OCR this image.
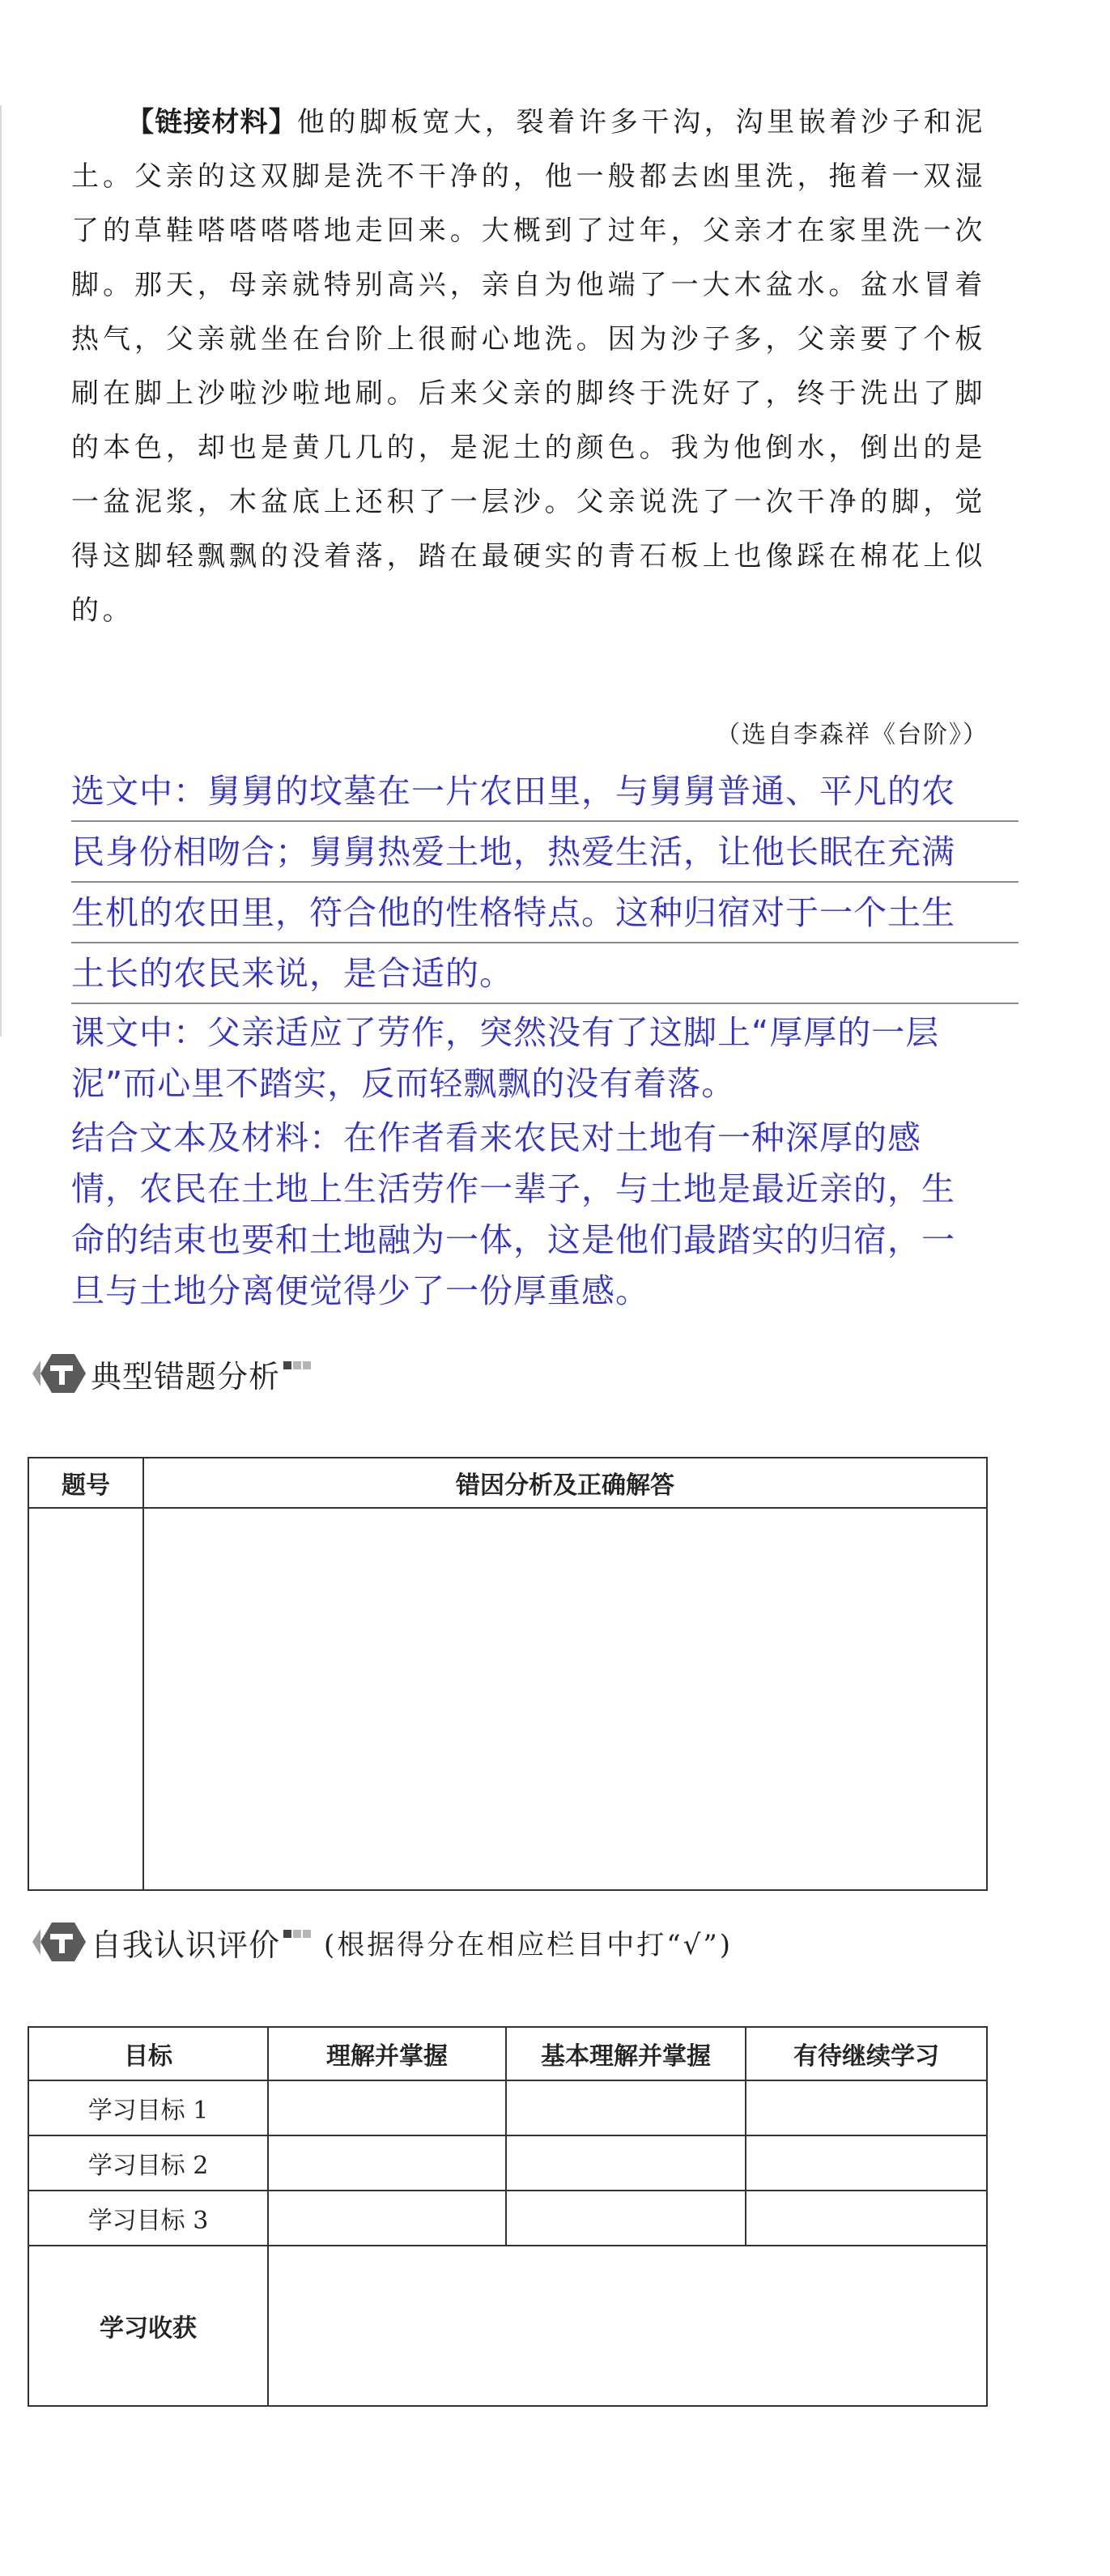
【链接材料】他的脚板宽大，裂着许多干沟，沟里嵌着沙子和泥土。父亲的这双脚是洗不干净的，他一般都去凼里洗，拖着一双湿了的草鞋嗒嗒嗒嗒地走回来。大概到了过年，父亲才在家里洗一次脚。那天，母亲就特别高兴，亲自为他端了一大木盆水。盆水冒着热气，父亲就坐在台阶上很耐心地洗。因为沙子多，父亲要了个板刷在脚上沙啦沙啦地刷。后来父亲的脚终于洗好了，终于洗出了脚的本色，却也是黄几几的，是泥土的颜色。我为他倒水，倒出的是一盆泥浆，木盆底上还积了一层沙。父亲说洗了一次干净的脚，觉得这脚轻飘飘的没着落，踏在最硬实的青石板上也像踩在棉花上似的。
（选自李森祥《台阶》）

选文中：舅舅的坟墓在一片农田里，与舅舅普通、平凡的农民身份相吻合；舅舅热爱土地，热爱生活，让他长眠在充满生机的农田里，符合他的性格特点。这种归宿对于一个土生土长的农民来说，是合适的。

课文中：父亲适应了劳作，突然没有了这脚上“厚厚的一层泥”而心里不踏实，反而轻飘飘的没有着落。

结合文本及材料：在作者看来农民对土地有一种深厚的感情，农民在土地上生活劳作一辈子，与土地是最近亲的，生命的结束也要和土地融为一体，这是他们最踏实的归宿，一旦与土地分离便觉得少了一份厚重感。

典型错题分析
题号	错因分析及正确解答

自我认识评价 (根据得分在相应栏目中打“√”)
目标	理解并掌握	基本理解并掌握	有待继续学习
学习目标 1			
学习目标 2			
学习目标 3			
学习收获			
